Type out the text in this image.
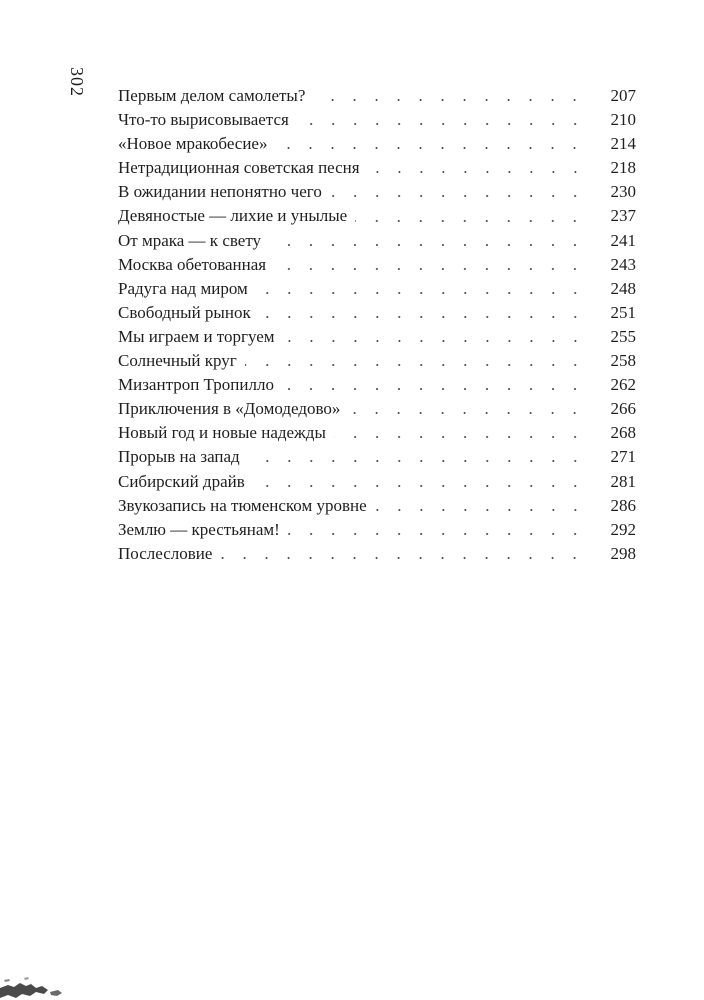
302 Первым делом самолеты?	207
Что-то вырисовывается	210
«Новое мракобесие»	214
Нетрадиционная советская песня	218
В ожидании непонятно чего	230
Девяностые — лихие и унылые	237
От мрака — к свету	241
Москва обетованная	243
Радуга над миром	248
Свободный рынок	251
Мы играем и торгуем	255
Солнечный круг	258
Мизантроп Тропилло	262
Приключения в «Домодедово»	266
Новый год и новые надежды	268
Прорыв на запад	271
Сибирский драйв	281
Звукозапись на тюменском уровне	286
Землю — крестьянам!	292
Послесловие	298
